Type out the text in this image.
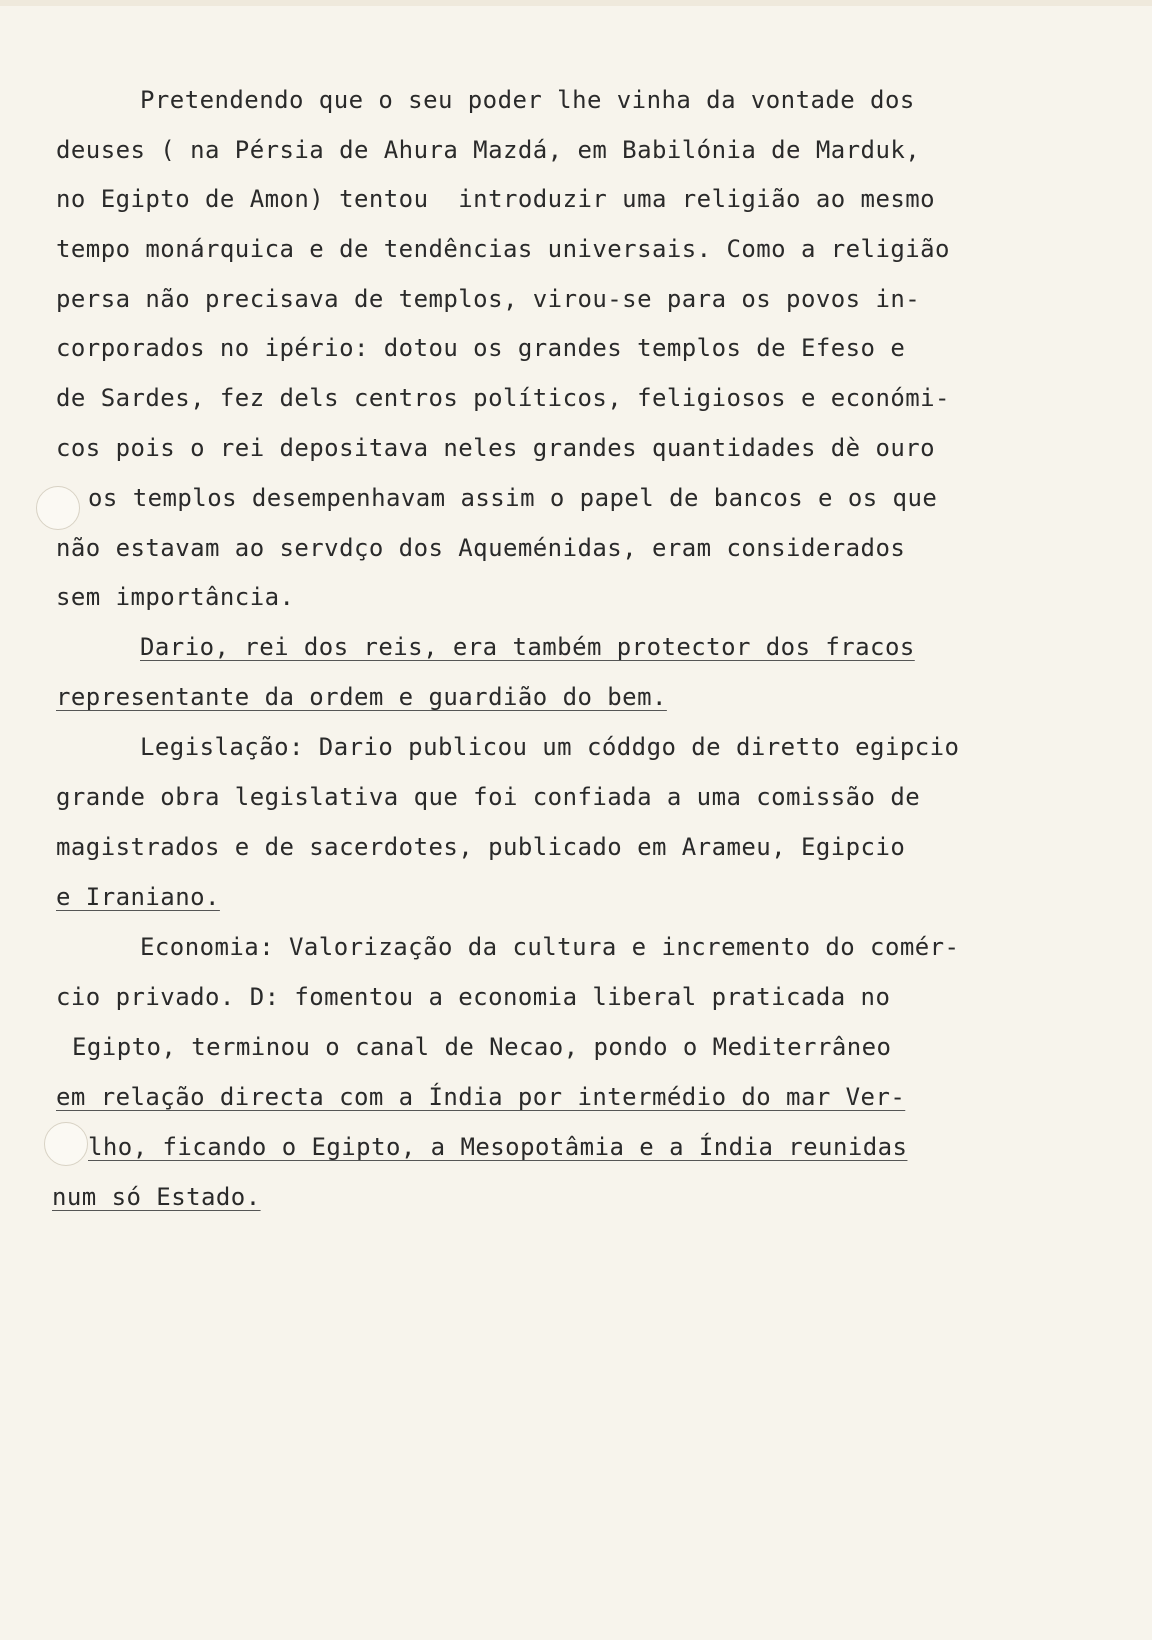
Pretendendo que o seu poder lhe vinha da vontade dos
deuses ( na Pérsia de Ahura Mazdá, em Babilónia de Marduk,
no Egipto de Amon) tentou  introduzir uma religião ao mesmo
tempo monárquica e de tendências universais. Como a religião
persa não precisava de templos, virou-se para os povos in-
corporados no ipério: dotou os grandes templos de Efeso e
de Sardes, fez dels centros políticos, feligiosos e económi-
cos pois o rei depositava neles grandes quantidades dè ouro
os templos desempenhavam assim o papel de bancos e os que
não estavam ao servdço dos Aqueménidas, eram considerados
sem importância.
Dario, rei dos reis, era também protector dos fracos
representante da ordem e guardião do bem.
Legislação: Dario publicou um códdgo de diretto egipcio
grande obra legislativa que foi confiada a uma comissão de
magistrados e de sacerdotes, publicado em Arameu, Egipcio
e Iraniano.
Economia: Valorização da cultura e incremento do comér-
cio privado. D: fomentou a economia liberal praticada no
Egipto, terminou o canal de Necao, pondo o Mediterrâneo
em relação directa com a Índia por intermédio do mar Ver-
lho, ficando o Egipto, a Mesopotâmia e a Índia reunidas
num só Estado.
